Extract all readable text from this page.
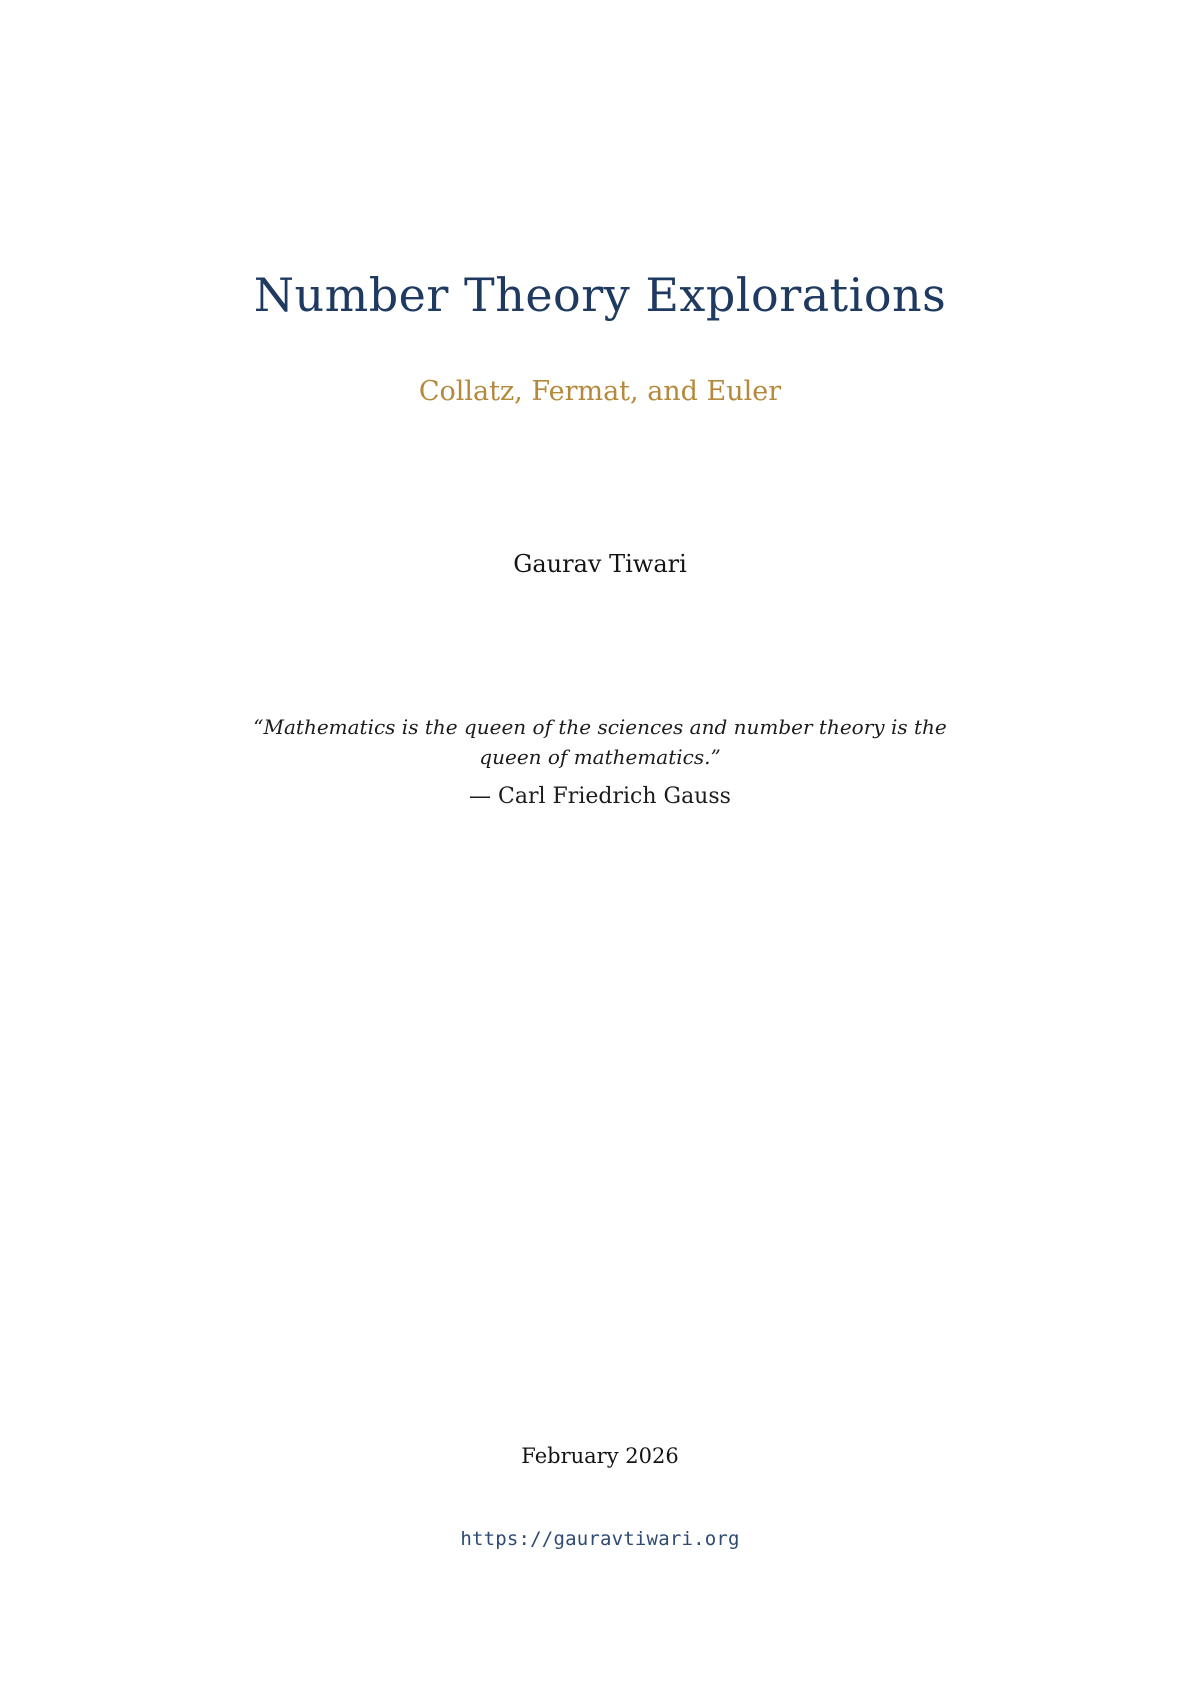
Number Theory Explorations
Collatz, Fermat, and Euler
Gaurav Tiwari
“Mathematics is the queen of the sciences and number theory is the queen of mathematics.”
— Carl Friedrich Gauss
February 2026
https://gauravtiwari.org
